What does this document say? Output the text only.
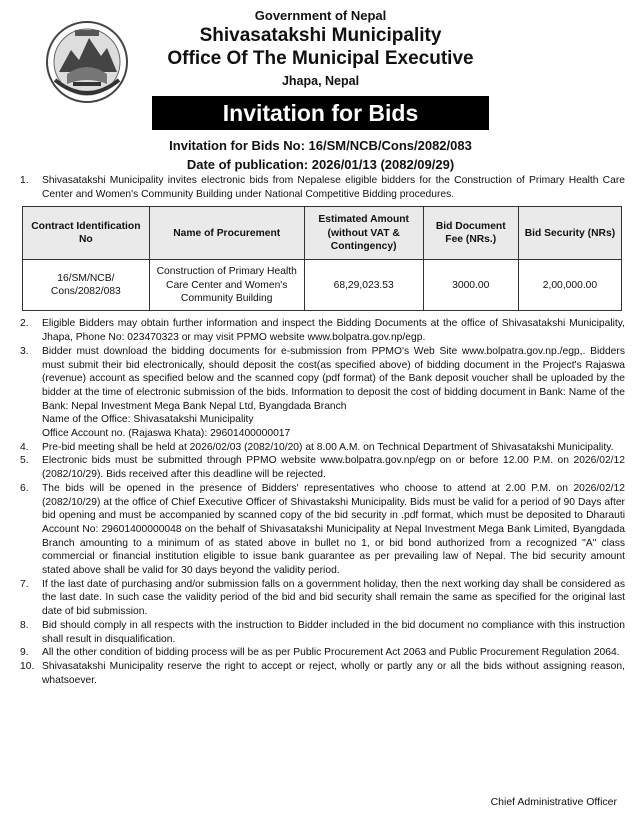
Government of Nepal
Shivasatakshi Municipality
Office Of The Municipal Executive
Jhapa, Nepal
Invitation for Bids
Invitation for Bids No: 16/SM/NCB/Cons/2082/083
Date of publication: 2026/01/13 (2082/09/29)
1.	Shivasatakshi Municipality invites electronic bids from Nepalese eligible bidders for the Construction of Primary Health Care Center and Women's Community Building under National Competitive Bidding procedures.
Contract Identification No	Name of Procurement	Estimated Amount (without VAT & Contingency)	Bid Document Fee (NRs.)	Bid Security (NRs)
16/SM/NCB/ Cons/2082/083	Construction of Primary Health Care Center and Women's Community Building	68,29,023.53	3000.00	2,00,000.00
2.	Eligible Bidders may obtain further information and inspect the Bidding Documents at the office of Shivasatakshi Municipality, Jhapa, Phone No: 023470323 or may visit PPMO website www.bolpatra.gov.np/egp.
3.	Bidder must download the bidding documents for e-submission from PPMO's Web Site www.bolpatra.gov.np./egp,. Bidders must submit their bid electronically, should deposit the cost(as specified above) of bidding document in the Project's Rajaswa (revenue) account as specified below and the scanned copy (pdf format) of the Bank deposit voucher shall be uploaded by the bidder at the time of electronic submission of the bids. Information to deposit the cost of bidding document in Bank: Name of the Bank: Nepal Investment Mega Bank Nepal Ltd, Byangdada Branch
Name of the Office: Shivasatakshi Municipality
Office Account no. (Rajaswa Khata): 29601400000017
4.	Pre-bid meeting shall be held at 2026/02/03 (2082/10/20) at 8.00 A.M. on Technical Department of Shivasatakshi Municipality.
5.	Electronic bids must be submitted through PPMO website www.bolpatra.gov.np/egp on or before 12.00 P.M. on 2026/02/12 (2082/10/29). Bids received after this deadline will be rejected.
6.	The bids will be opened in the presence of Bidders' representatives who choose to attend at 2.00 P.M. on 2026/02/12 (2082/10/29) at the office of Chief Executive Officer of Shivastakshi Municipality. Bids must be valid for a period of 90 Days after bid opening and must be accompanied by scanned copy of the bid security in .pdf format, which must be deposited to Dharauti Account No: 29601400000048 on the behalf of Shivasatakshi Municipality at Nepal Investment Mega Bank Limited, Byangdada Branch amounting to a minimum of as stated above in bullet no 1, or bid bond authorized from a recognized "A" class commercial or financial institution eligible to issue bank guarantee as per prevailing law of Nepal. The bid security amount stated above shall be valid for 30 days beyond the validity period.
7.	If the last date of purchasing and/or submission falls on a government holiday, then the next working day shall be considered as the last date. In such case the validity period of the bid and bid security shall remain the same as specified for the original last date of bid submission.
8.	Bid should comply in all respects with the instruction to Bidder included in the bid document no compliance with this instruction shall result in disqualification.
9.	All the other condition of bidding process will be as per Public Procurement Act 2063 and Public Procurement Regulation 2064.
10. Shivasatakshi Municipality reserve the right to accept or reject, wholly or partly any or all the bids without assigning reason, whatsoever.
Chief Administrative Officer
